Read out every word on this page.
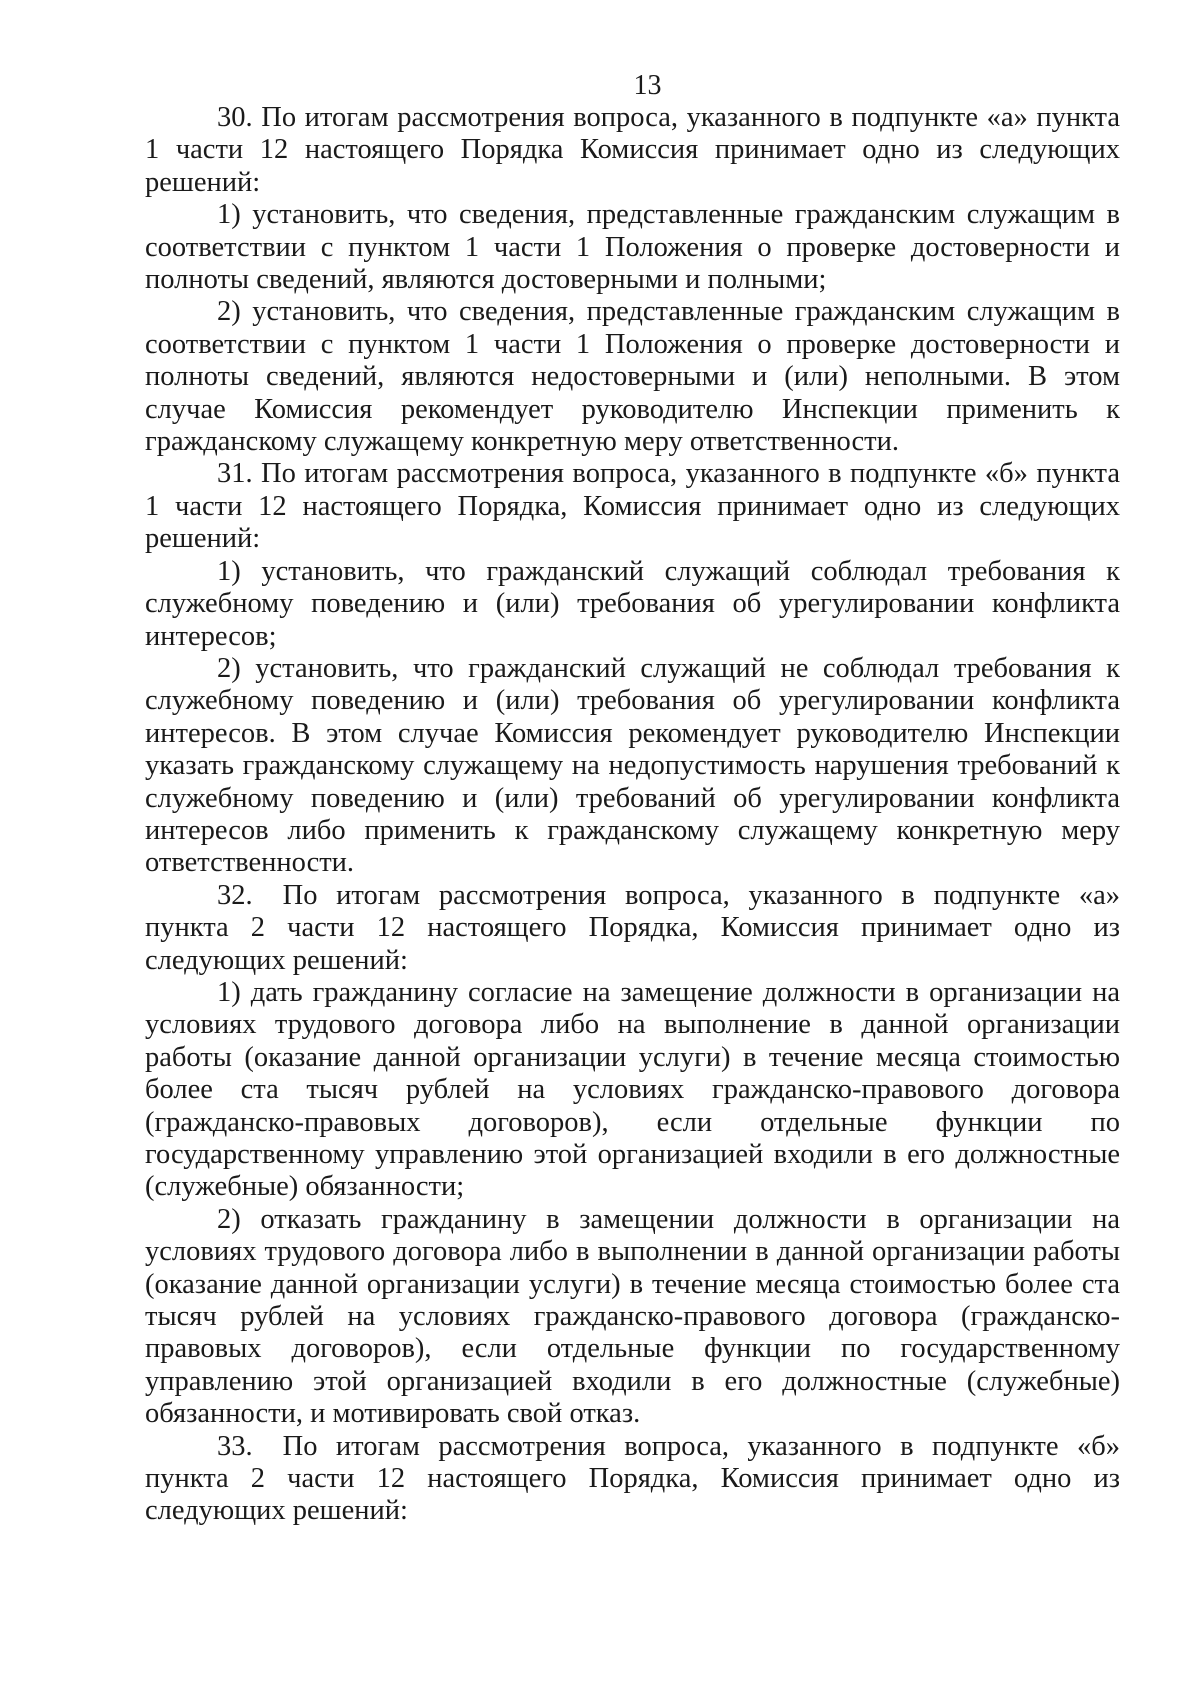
13

30. По итогам рассмотрения вопроса, указанного в подпункте «а» пункта 1 части 12 настоящего Порядка Комиссия принимает одно из следующих решений:

1) установить, что сведения, представленные гражданским служащим в соответствии с пунктом 1 части 1 Положения о проверке достоверности и полноты сведений, являются достоверными и полными;

2) установить, что сведения, представленные гражданским служащим в соответствии с пунктом 1 части 1 Положения о проверке достоверности и полноты сведений, являются недостоверными и (или) неполными. В этом случае Комиссия рекомендует руководителю Инспекции применить к гражданскому служащему конкретную меру ответственности.

31. По итогам рассмотрения вопроса, указанного в подпункте «б» пункта 1 части 12 настоящего Порядка, Комиссия принимает одно из следующих решений:

1) установить, что гражданский служащий соблюдал требования к служебному поведению и (или) требования об урегулировании конфликта интересов;

2) установить, что гражданский служащий не соблюдал требования к служебному поведению и (или) требования об урегулировании конфликта интересов. В этом случае Комиссия рекомендует руководителю Инспекции указать гражданскому служащему на недопустимость нарушения требований к служебному поведению и (или) требований об урегулировании конфликта интересов либо применить к гражданскому служащему конкретную меру ответственности.

32. По итогам рассмотрения вопроса, указанного в подпункте «а» пункта 2 части 12 настоящего Порядка, Комиссия принимает одно из следующих решений:

1) дать гражданину согласие на замещение должности в организации на условиях трудового договора либо на выполнение в данной организации работы (оказание данной организации услуги) в течение месяца стоимостью более ста тысяч рублей на условиях гражданско-правового договора (гражданско-правовых договоров), если отдельные функции по государственному управлению этой организацией входили в его должностные (служебные) обязанности;

2) отказать гражданину в замещении должности в организации на условиях трудового договора либо в выполнении в данной организации работы (оказание данной организации услуги) в течение месяца стоимостью более ста тысяч рублей на условиях гражданско-правового договора (гражданско-правовых договоров), если отдельные функции по государственному управлению этой организацией входили в его должностные (служебные) обязанности, и мотивировать свой отказ.

33. По итогам рассмотрения вопроса, указанного в подпункте «б» пункта 2 части 12 настоящего Порядка, Комиссия принимает одно из следующих решений:
